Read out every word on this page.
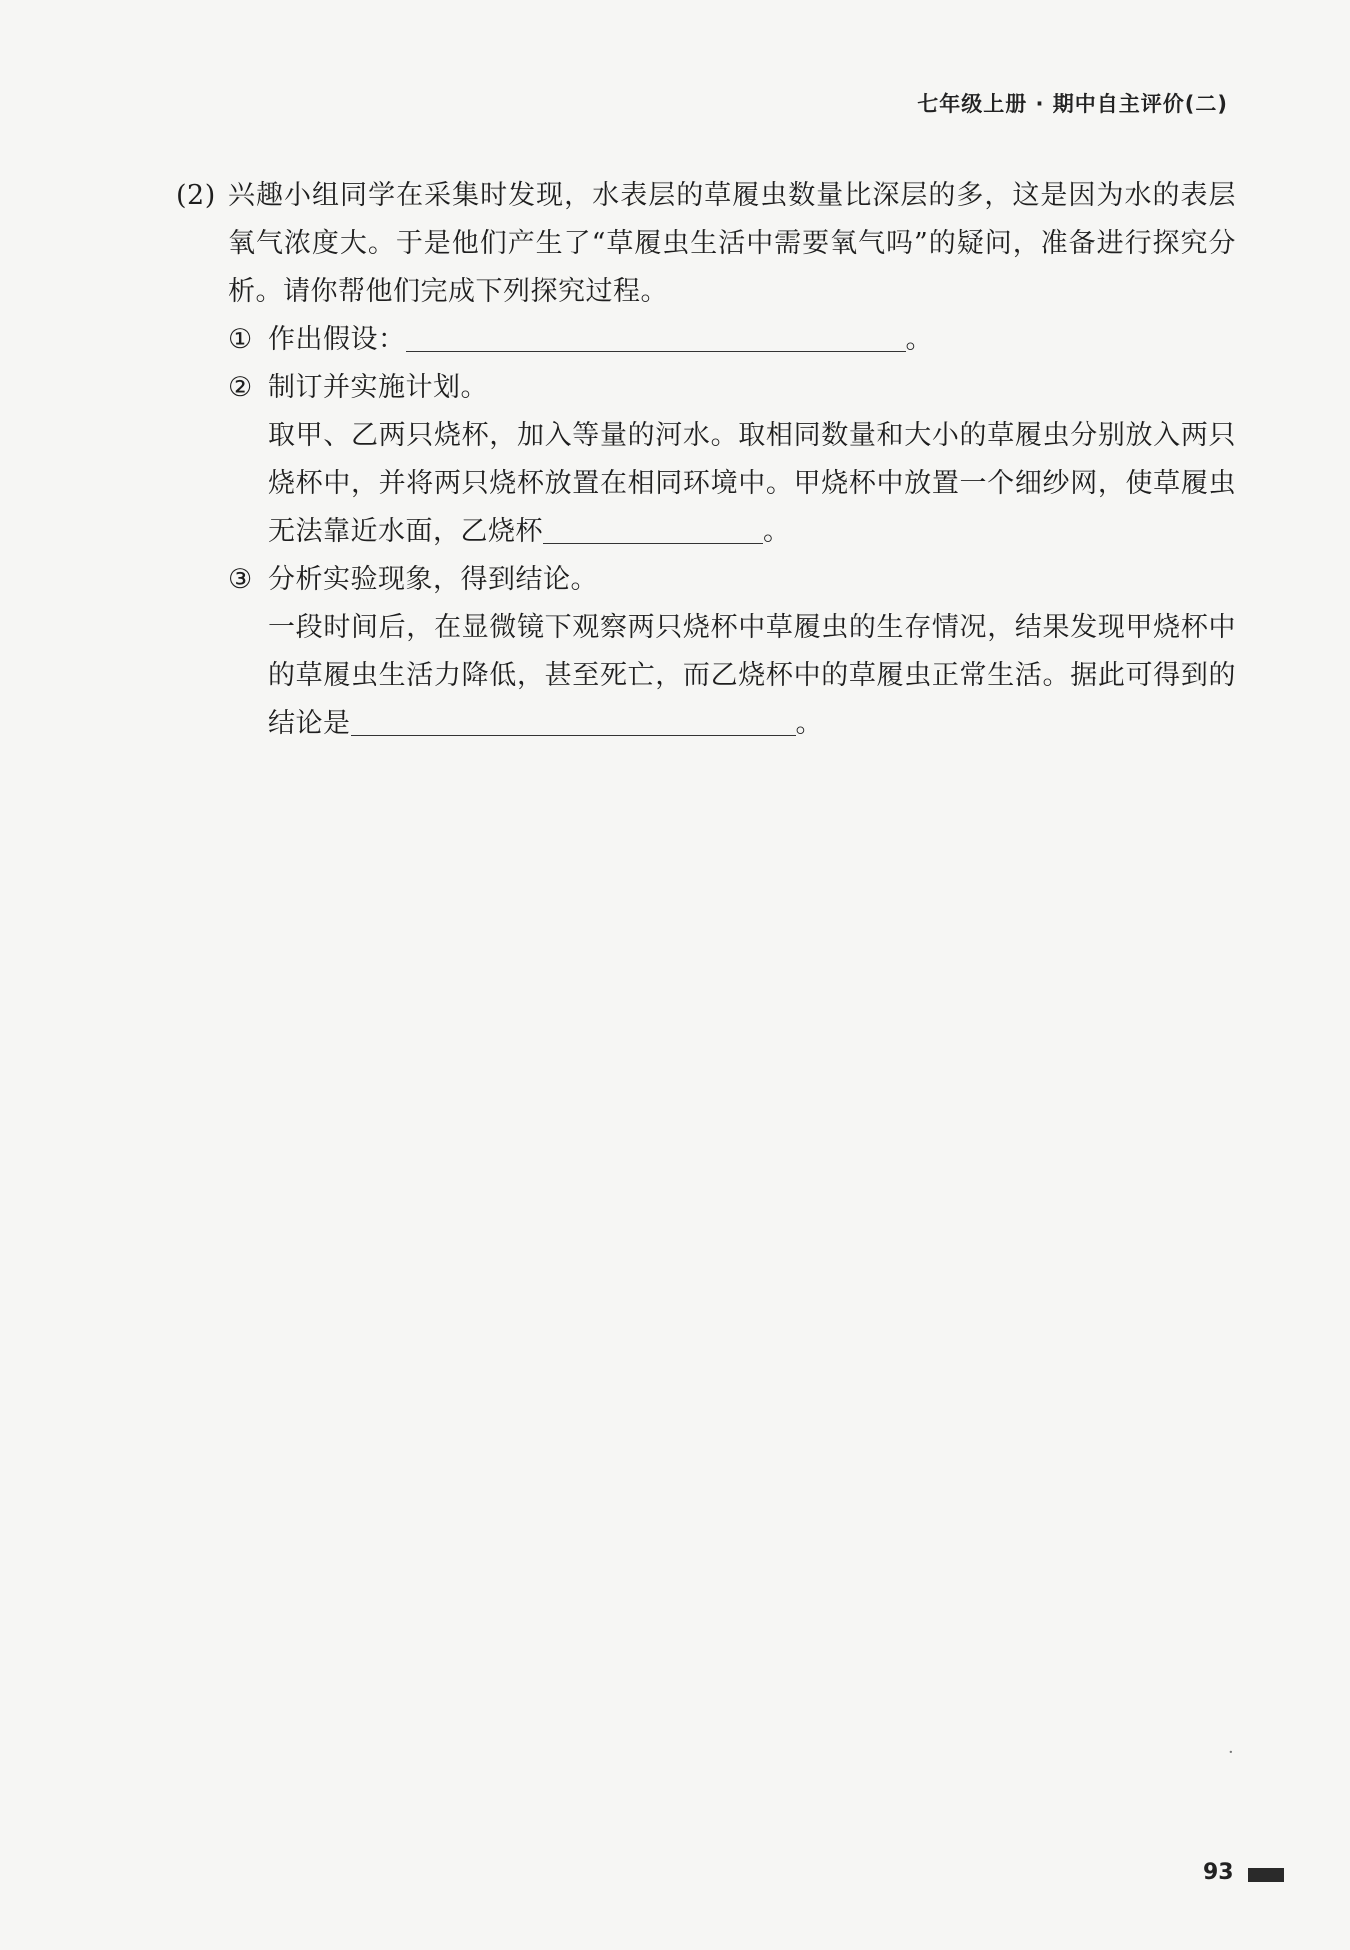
七年级上册 · 期中自主评价(二)
(2) 兴趣小组同学在采集时发现，水表层的草履虫数量比深层的多，这是因为水的表层氧气浓度大。于是他们产生了“草履虫生活中需要氧气吗”的疑问，准备进行探究分析。请你帮他们完成下列探究过程。
① 作出假设：	。
② 制订并实施计划。
取甲、乙两只烧杯，加入等量的河水。取相同数量和大小的草履虫分别放入两只烧杯中，并将两只烧杯放置在相同环境中。甲烧杯中放置一个细纱网，使草履虫无法靠近水面，乙烧杯	。
③ 分析实验现象，得到结论。
一段时间后，在显微镜下观察两只烧杯中草履虫的生存情况，结果发现甲烧杯中的草履虫生活力降低，甚至死亡，而乙烧杯中的草履虫正常生活。据此可得到的结论是	。
·
93
